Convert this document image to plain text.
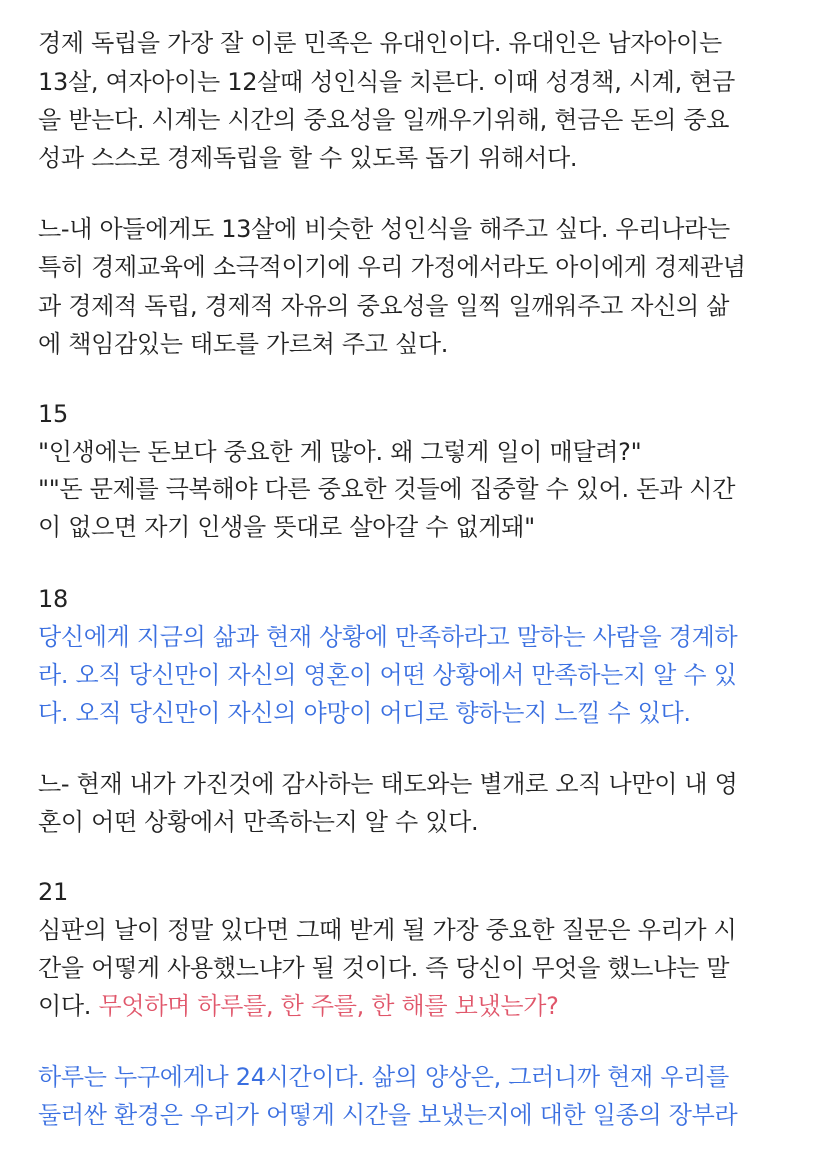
경제 독립을 가장 잘 이룬 민족은 유대인이다. 유대인은 남자아이는
13살, 여자아이는 12살때 성인식을 치른다. 이때 성경책, 시계, 현금
을 받는다. 시계는 시간의 중요성을 일깨우기위해, 현금은 돈의 중요
성과 스스로 경제독립을 할 수 있도록 돕기 위해서다.
느-내 아들에게도 13살에 비슷한 성인식을 해주고 싶다. 우리나라는
특히 경제교육에 소극적이기에 우리 가정에서라도 아이에게 경제관념
과 경제적 독립, 경제적 자유의 중요성을 일찍 일깨워주고 자신의 삶
에 책임감있는 태도를 가르쳐 주고 싶다.
15
"인생에는 돈보다 중요한 게 많아. 왜 그렇게 일이 매달려?"
""돈 문제를 극복해야 다른 중요한 것들에 집중할 수 있어. 돈과 시간
이 없으면 자기 인생을 뜻대로 살아갈 수 없게돼"
18
당신에게 지금의 삶과 현재 상황에 만족하라고 말하는 사람을 경계하
라. 오직 당신만이 자신의 영혼이 어떤 상황에서 만족하는지 알 수 있
다. 오직 당신만이 자신의 야망이 어디로 향하는지 느낄 수 있다.
느- 현재 내가 가진것에 감사하는 태도와는 별개로 오직 나만이 내 영
혼이 어떤 상황에서 만족하는지 알 수 있다.
21
심판의 날이 정말 있다면 그때 받게 될 가장 중요한 질문은 우리가 시
간을 어떻게 사용했느냐가 될 것이다. 즉 당신이 무엇을 했느냐는 말
이다. 무엇하며 하루를, 한 주를, 한 해를 보냈는가?
하루는 누구에게나 24시간이다. 삶의 양상은, 그러니까 현재 우리를
둘러싼 환경은 우리가 어떻게 시간을 보냈는지에 대한 일종의 장부라
